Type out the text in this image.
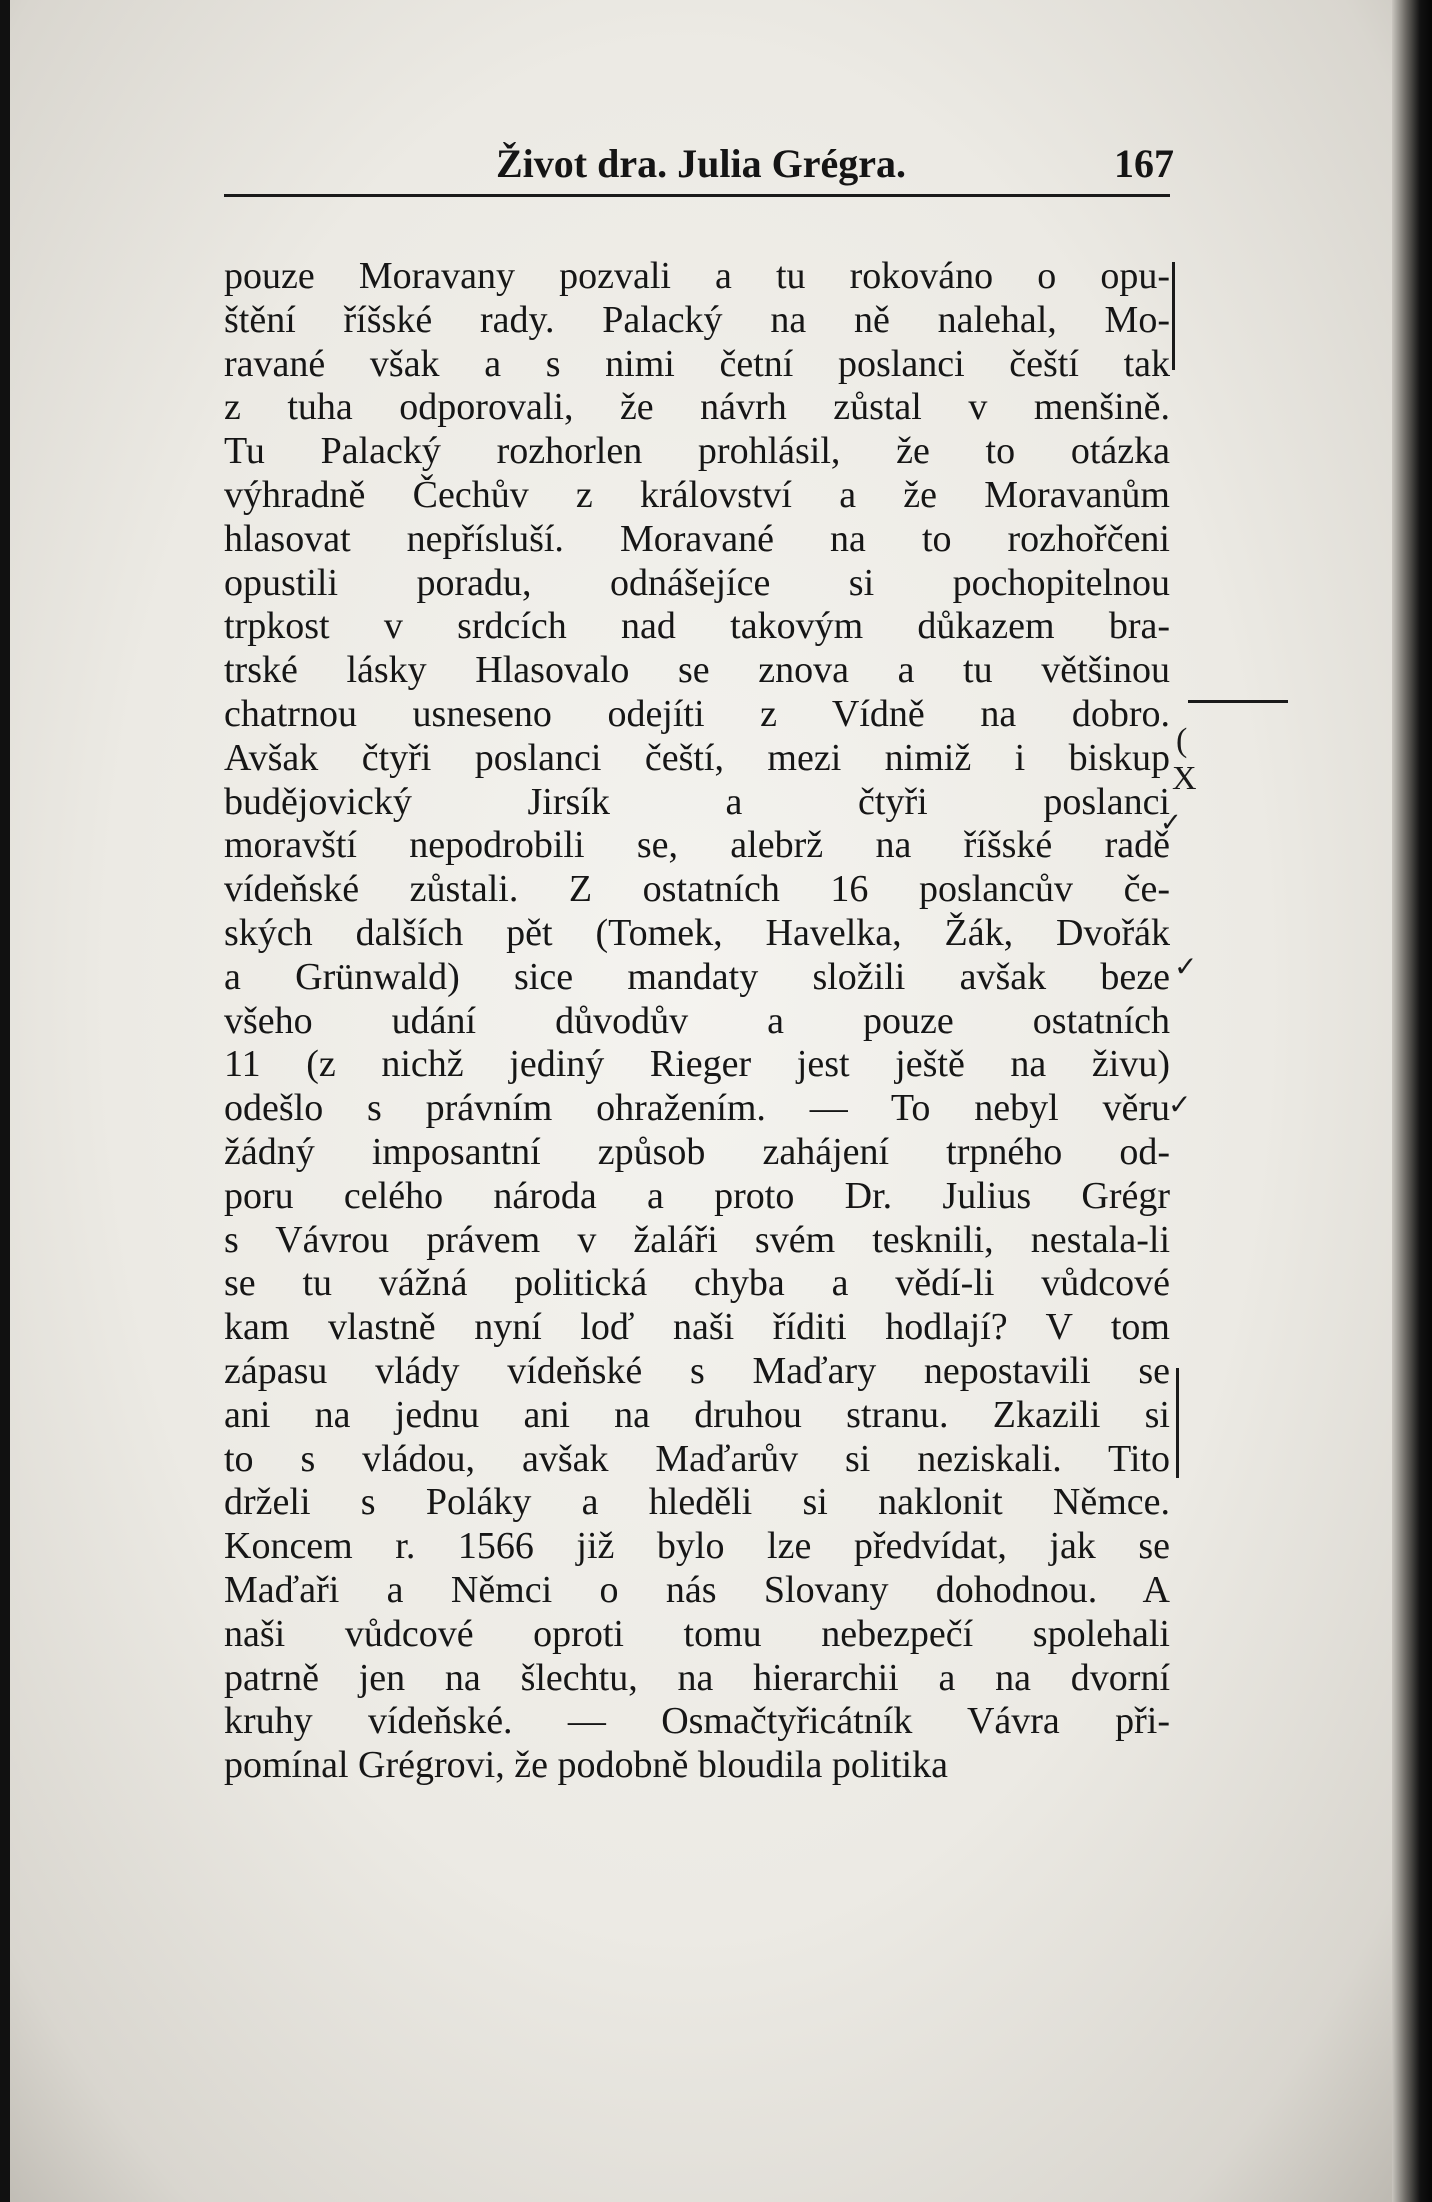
Život dra. Julia Grégra.	167
pouze Moravany pozvali a tu rokováno o opu-
štění říšské rady. Palacký na ně nalehal, Mo-
ravané však a s nimi četní poslanci čeští tak
z tuha odporovali, že návrh zůstal v menšině.
Tu Palacký rozhorlen prohlásil, že to otázka
výhradně Čechův z království a že Moravanům
hlasovat nepřísluší. Moravané na to rozhořčeni
opustili poradu, odnášejíce si pochopitelnou
trpkost v srdcích nad takovým důkazem bra-
trské lásky Hlasovalo se znova a tu většinou
chatrnou usneseno odejíti z Vídně na dobro.
Avšak čtyři poslanci čeští, mezi nimiž i biskup
budějovický Jirsík a čtyři poslanci
moravští nepodrobili se, alebrž na říšské radě
vídeňské zůstali. Z ostatních 16 poslancův če-
ských dalších pět (Tomek, Havelka, Žák, Dvořák
a Grünwald) sice mandaty složili avšak beze
všeho udání důvodův a pouze ostatních
11 (z nichž jediný Rieger jest ještě na živu)
odešlo s právním ohražením. — To nebyl věru
žádný imposantní způsob zahájení trpného od-
poru celého národa a proto Dr. Julius Grégr
s Vávrou právem v žaláři svém tesknili, nestala-li
se tu vážná politická chyba a vědí-li vůdcové
kam vlastně nyní loď naši říditi hodlají? V tom
zápasu vlády vídeňské s Maďary nepostavili se
ani na jednu ani na druhou stranu. Zkazili si
to s vládou, avšak Maďarův si neziskali. Tito
drželi s Poláky a hleděli si naklonit Němce.
Koncem r. 1566 již bylo lze předvídat, jak se
Maďaři a Němci o nás Slovany dohodnou. A
naši vůdcové oproti tomu nebezpečí spolehali
patrně jen na šlechtu, na hierarchii a na dvorní
kruhy vídeňské. — Osmačtyřicátník Vávra při-
pomínal Grégrovi, že podobně bloudila politika
(
X
✓
✓
✓
